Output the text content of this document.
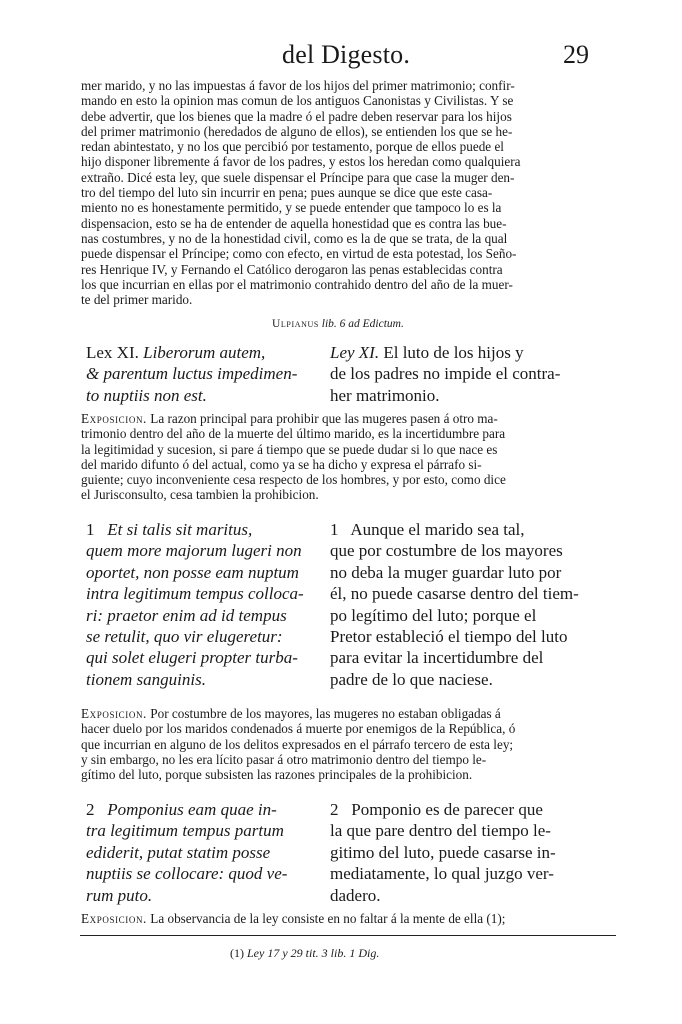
del Digesto.	29
mer marido, y no las impuestas á favor de los hijos del primer matrimonio; confir-
mando en esto la opinion mas comun de los antiguos Canonistas y Civilistas. Y se
debe advertir, que los bienes que la madre ó el padre deben reservar para los hijos
del primer matrimonio (heredados de alguno de ellos), se entienden los que se he-
redan abintestato, y no los que percibió por testamento, porque de ellos puede el
hijo disponer libremente á favor de los padres, y estos los heredan como qualquiera
extraño. Dicé esta ley, que suele dispensar el Príncipe para que case la muger den-
tro del tiempo del luto sin incurrir en pena; pues aunque se dice que este casa-
miento no es honestamente permitido, y se puede entender que tampoco lo es la
dispensacion, esto se ha de entender de aquella honestidad que es contra las bue-
nas costumbres, y no de la honestidad civil, como es la de que se trata, de la qual
puede dispensar el Príncipe; como con efecto, en virtud de esta potestad, los Seño-
res Henrique IV, y Fernando el Católico derogaron las penas establecidas contra
los que incurrian en ellas por el matrimonio contrahido dentro del año de la muer-
te del primer marido.
Ulpianus lib. 6 ad Edictum.
Lex XI. Liberorum autem,
& parentum luctus impedimen-
to nuptiis non est.
Ley XI. El luto de los hijos y
de los padres no impide el contra-
her matrimonio.
Exposicion. La razon principal para prohibir que las mugeres pasen á otro ma-
trimonio dentro del año de la muerte del último marido, es la incertidumbre para
la legitimidad y sucesion, si pare á tiempo que se puede dudar si lo que nace es
del marido difunto ó del actual, como ya se ha dicho y expresa el párrafo si-
guiente; cuyo inconveniente cesa respecto de los hombres, y por esto, como dice
el Jurisconsulto, cesa tambien la prohibicion.
1 Et si talis sit maritus,
quem more majorum lugeri non
oportet, non posse eam nuptum
intra legitimum tempus colloca-
ri: praetor enim ad id tempus
se retulit, quo vir elugeretur:
qui solet elugeri propter turba-
tionem sanguinis.
1 Aunque el marido sea tal,
que por costumbre de los mayores
no deba la muger guardar luto por
él, no puede casarse dentro del tiem-
po legítimo del luto; porque el
Pretor estableció el tiempo del luto
para evitar la incertidumbre del
padre de lo que naciese.
Exposicion. Por costumbre de los mayores, las mugeres no estaban obligadas á
hacer duelo por los maridos condenados á muerte por enemigos de la República, ó
que incurrian en alguno de los delitos expresados en el párrafo tercero de esta ley;
y sin embargo, no les era lícito pasar á otro matrimonio dentro del tiempo le-
gítimo del luto, porque subsisten las razones principales de la prohibicion.
2 Pomponius eam quae in-
tra legitimum tempus partum
ediderit, putat statim posse
nuptiis se collocare: quod ve-
rum puto.
2 Pomponio es de parecer que
la que pare dentro del tiempo le-
gitimo del luto, puede casarse in-
mediatamente, lo qual juzgo ver-
dadero.
Exposicion. La observancia de la ley consiste en no faltar á la mente de ella (1);
(1) Ley 17 y 29 tit. 3 lib. 1 Dig.
